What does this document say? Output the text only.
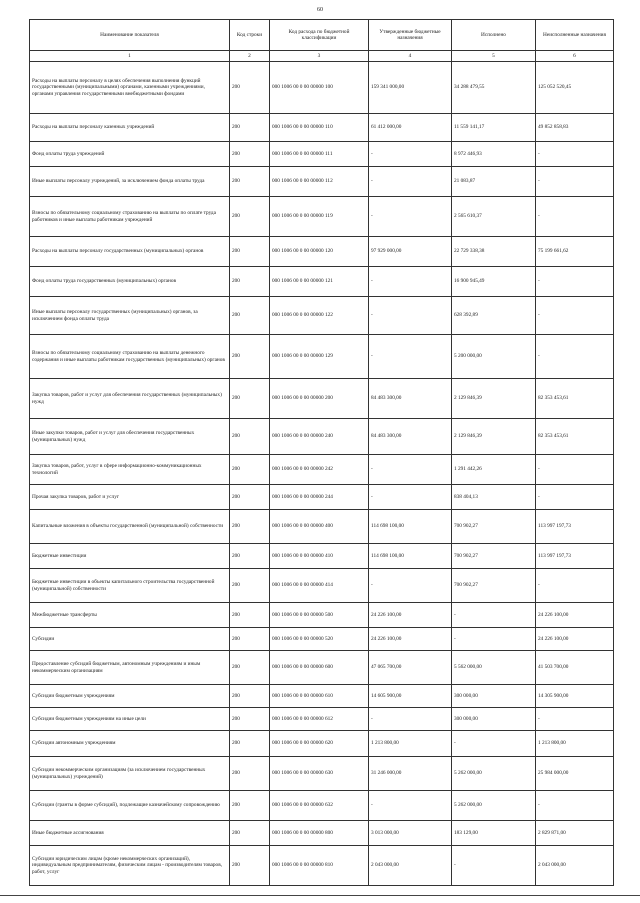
60
Наименование показателя	Код строки	Код расхода по бюджетной классификации	Утвержденные бюджетные назначения	Исполнено	Неисполненные назначения
1	2	3	4	5	6
Расходы на выплаты персоналу в целях обеспечения выполнения функций государственными (муниципальными) органами, казенными учреждениями, органами управления государственными внебюджетными фондами	200	000 1006 00 0 00 00000 100	159 341 000,00	34 288 479,55	125 052 520,45
Расходы на выплаты персоналу казенных учреждений	200	000 1006 00 0 00 00000 110	61 412 000,00	11 559 141,17	49 852 858,83
Фонд оплаты труда учреждений	200	000 1006 00 0 00 00000 111	-	8 972 446,93	-
Иные выплаты персоналу учреждений, за исключением фонда оплаты труда	200	000 1006 00 0 00 00000 112	-	21 083,87	-
Взносы по обязательному социальному страхованию на выплаты по оплате труда работников и иные выплаты работникам учреждений	200	000 1006 00 0 00 00000 119	-	2 565 610,37	-
Расходы на выплаты персоналу государственных (муниципальных) органов	200	000 1006 00 0 00 00000 120	97 929 000,00	22 729 338,38	75 199 661,62
Фонд оплаты труда государственных (муниципальных) органов	200	000 1006 00 0 00 00000 121	-	16 900 945,49	-
Иные выплаты персоналу государственных (муниципальных) органов, за исключением фонда оплаты труда	200	000 1006 00 0 00 00000 122	-	628 392,89	-
Взносы по обязательному социальному страхованию на выплаты денежного содержания и иные выплаты работникам государственных (муниципальных) органов	200	000 1006 00 0 00 00000 129	-	5 200 000,00	-
Закупка товаров, работ и услуг для обеспечения государственных (муниципальных) нужд	200	000 1006 00 0 00 00000 200	84 483 300,00	2 129 846,39	82 353 453,61
Иные закупки товаров, работ и услуг для обеспечения государственных (муниципальных) нужд	200	000 1006 00 0 00 00000 240	84 483 300,00	2 129 846,39	82 353 453,61
Закупка товаров, работ, услуг в сфере информационно-коммуникационных технологий	200	000 1006 00 0 00 00000 242	-	1 291 442,26	-
Прочая закупка товаров, работ и услуг	200	000 1006 00 0 00 00000 244	-	838 404,13	-
Капитальные вложения в объекты государственной (муниципальной) собственности	200	000 1006 00 0 00 00000 400	114 698 100,00	700 902,27	113 997 197,73
Бюджетные инвестиции	200	000 1006 00 0 00 00000 410	114 698 100,00	700 902,27	113 997 197,73
Бюджетные инвестиции в объекты капитального строительства государственной (муниципальной) собственности	200	000 1006 00 0 00 00000 414	-	700 902,27	-
Межбюджетные трансферты	200	000 1006 00 0 00 00000 500	24 226 100,00	-	24 226 100,00
Субсидии	200	000 1006 00 0 00 00000 520	24 226 100,00	-	24 226 100,00
Предоставление субсидий бюджетным, автономным учреждениям и иным некоммерческим организациям	200	000 1006 00 0 00 00000 600	47 065 700,00	5 562 000,00	41 503 700,00
Субсидии бюджетным учреждениям	200	000 1006 00 0 00 00000 610	14 605 900,00	300 000,00	14 305 900,00
Субсидии бюджетным учреждениям на иные цели	200	000 1006 00 0 00 00000 612	-	300 000,00	-
Субсидии автономным учреждениям	200	000 1006 00 0 00 00000 620	1 213 800,00	-	1 213 800,00
Субсидии некоммерческим организациям (за исключением государственных (муниципальных) учреждений)	200	000 1006 00 0 00 00000 630	31 246 000,00	5 262 000,00	25 984 000,00
Субсидии (гранты в форме субсидий), подлежащие казначейскому сопровождению	200	000 1006 00 0 00 00000 632	-	5 262 000,00	-
Иные бюджетные ассигнования	200	000 1006 00 0 00 00000 800	3 013 000,00	183 129,00	2 829 871,00
Субсидии юридическим лицам (кроме некоммерческих организаций), индивидуальным предпринимателям, физическим лицам - производителям товаров, работ, услуг	200	000 1006 00 0 00 00000 810	2 043 000,00	-	2 043 000,00
